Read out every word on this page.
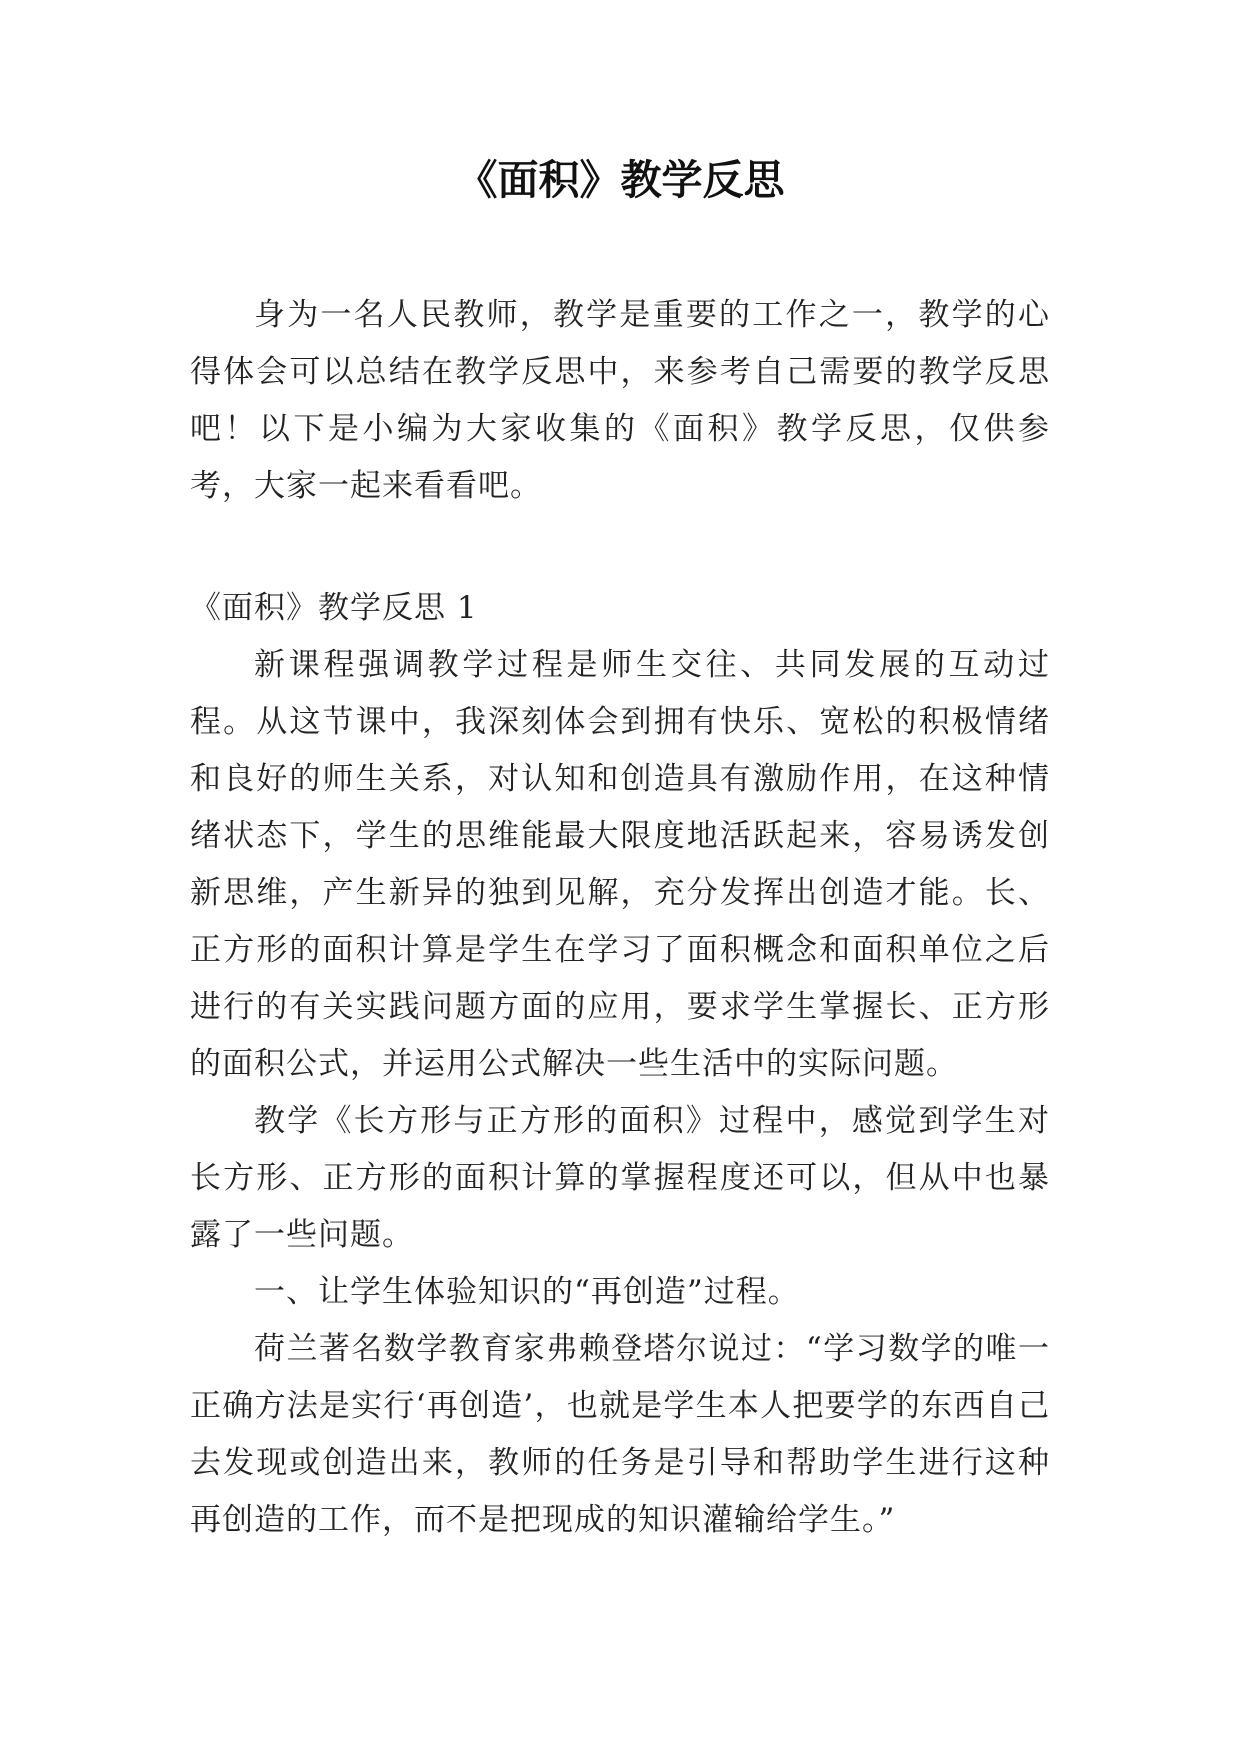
《面积》教学反思

身为一名人民教师，教学是重要的工作之一，教学的心得体会可以总结在教学反思中，来参考自己需要的教学反思吧！以下是小编为大家收集的《面积》教学反思，仅供参考，大家一起来看看吧。

《面积》教学反思 1

新课程强调教学过程是师生交往、共同发展的互动过程。从这节课中，我深刻体会到拥有快乐、宽松的积极情绪和良好的师生关系，对认知和创造具有激励作用，在这种情绪状态下，学生的思维能最大限度地活跃起来，容易诱发创新思维，产生新异的独到见解，充分发挥出创造才能。长、正方形的面积计算是学生在学习了面积概念和面积单位之后进行的有关实践问题方面的应用，要求学生掌握长、正方形的面积公式，并运用公式解决一些生活中的实际问题。

教学《长方形与正方形的面积》过程中，感觉到学生对长方形、正方形的面积计算的掌握程度还可以，但从中也暴露了一些问题。

一、让学生体验知识的“再创造”过程。

荷兰著名数学教育家弗赖登塔尔说过：“学习数学的唯一正确方法是实行‘再创造’，也就是学生本人把要学的东西自己去发现或创造出来，教师的任务是引导和帮助学生进行这种再创造的工作，而不是把现成的知识灌输给学生。”
